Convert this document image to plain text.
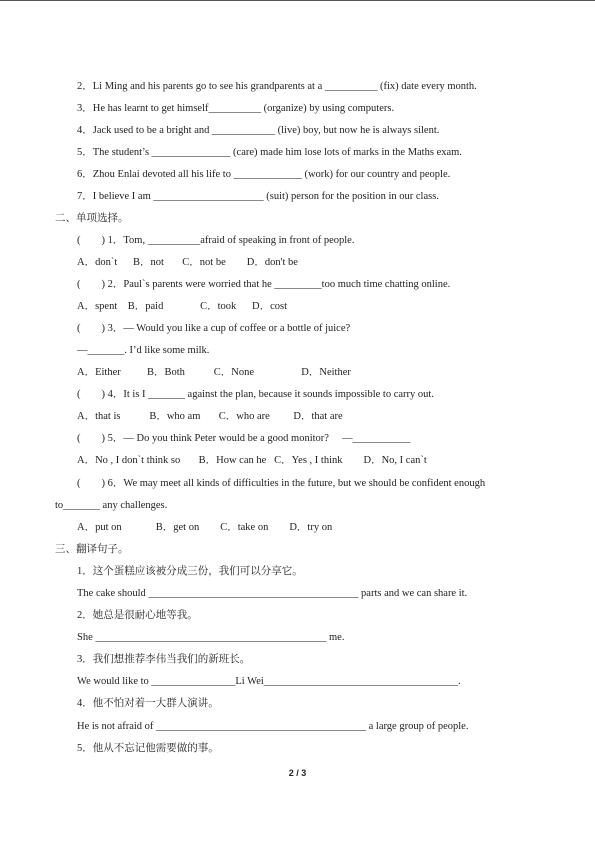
2．Li Ming and his parents go to see his grandparents at a __________ (fix) date every month.
3．He has learnt to get himself__________ (organize) by using computers.
4．Jack used to be a bright and ____________ (live) boy, but now he is always silent.
5．The student’s _______________ (care) made him lose lots of marks in the Maths exam.
6．Zhou Enlai devoted all his life to _____________ (work) for our country and people.
7．I believe I am _____________________ (suit) person for the position in our class.
二、单项选择。
(        ) 1．Tom, __________afraid of speaking in front of people.
A．don`t      B．not       C．not be        D．don't be
(        ) 2．Paul`s parents were worried that he _________too much time chatting online.
A．spent    B．paid              C．took      D．cost
(        ) 3．— Would you like a cup of coffee or a bottle of juice?
—_______. I’d like some milk.
A．Either          B．Both           C．None                  D．Neither
(        ) 4．It is I _______ against the plan, because it sounds impossible to carry out.
A．that is           B．who am       C．who are         D．that are
(        ) 5．— Do you think Peter would be a good monitor?     —___________
A．No , I don`t think so       B．How can he   C．Yes , I think        D．No, I can`t
(        ) 6．We may meet all kinds of difficulties in the future, but we should be confident enough
to_______ any challenges.
A．put on             B．get on        C．take on        D．try on
三、翻译句子。
1．这个蛋糕应该被分成三份，我们可以分享它。
The cake should ________________________________________ parts and we can share it.
2．她总是很耐心地等我。
She ____________________________________________ me.
3．我们想推荐李伟当我们的新班长。
We would like to ________________Li Wei_____________________________________.
4．他不怕对着一大群人演讲。
He is not afraid of ________________________________________ a large group of people.
5．他从不忘记他需要做的事。
2 / 3
